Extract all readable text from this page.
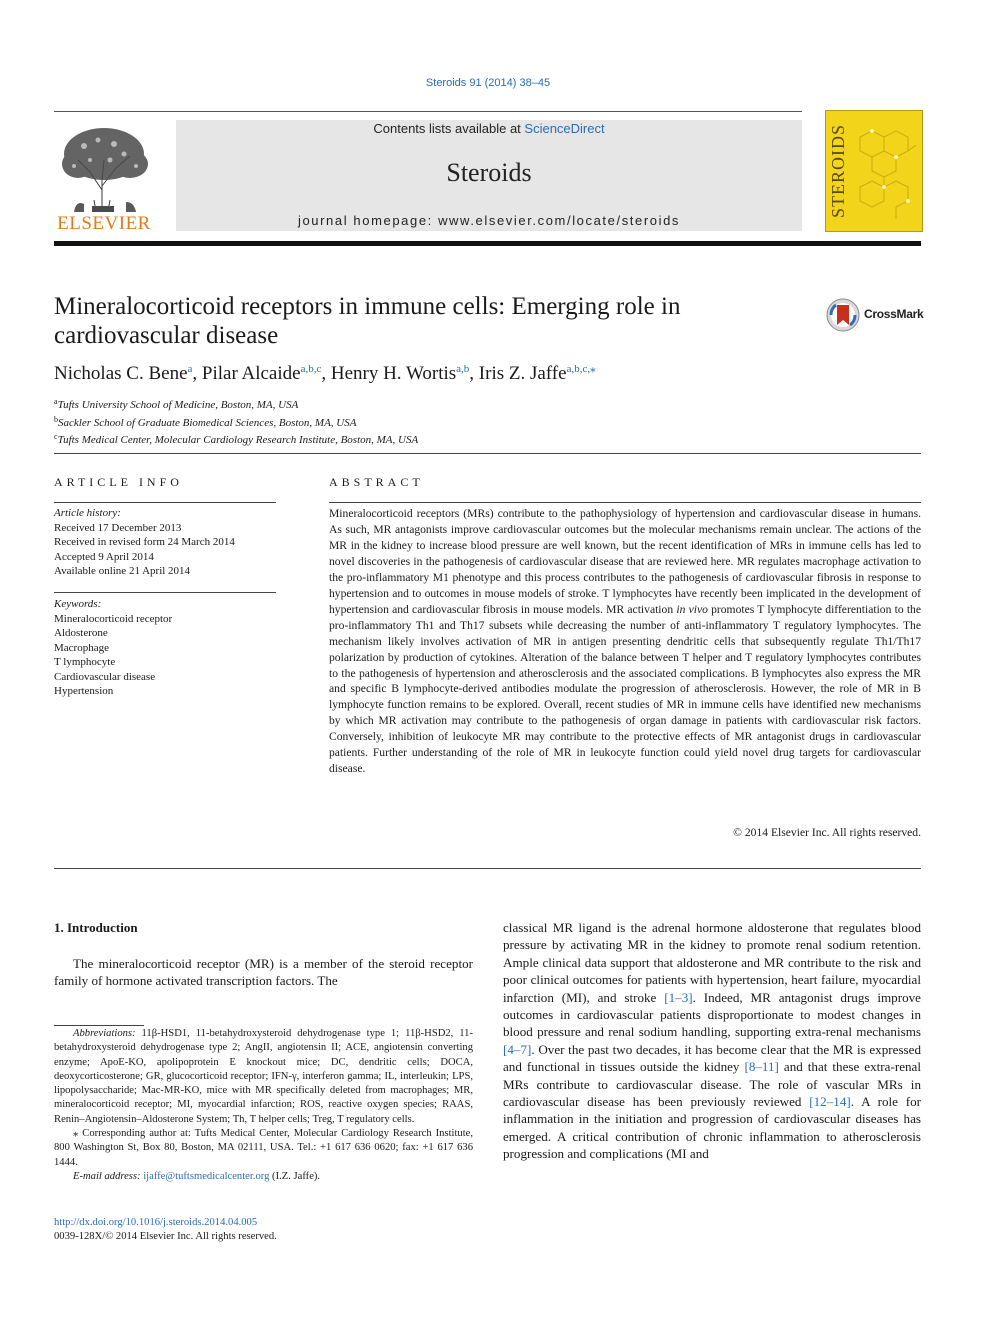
Steroids 91 (2014) 38–45
ELSEVIER
Contents lists available at ScienceDirect
Steroids
journal homepage: www.elsevier.com/locate/steroids
STEROIDS
Mineralocorticoid receptors in immune cells: Emerging role in cardiovascular disease
CrossMark
Nicholas C. Bene$^a$, Pilar Alcaide$^{a,b,c}$, Henry H. Wortis$^{a,b}$, Iris Z. Jaffe$^{a,b,c,⁎}$
$^a$Tufts University School of Medicine, Boston, MA, USA
$^b$Sackler School of Graduate Biomedical Sciences, Boston, MA, USA
$^c$Tufts Medical Center, Molecular Cardiology Research Institute, Boston, MA, USA
ARTICLE INFO
Article history:
Received 17 December 2013
Received in revised form 24 March 2014
Accepted 9 April 2014
Available online 21 April 2014
Keywords:
Mineralocorticoid receptor
Aldosterone
Macrophage
T lymphocyte
Cardiovascular disease
Hypertension
ABSTRACT
Mineralocorticoid receptors (MRs) contribute to the pathophysiology of hypertension and cardiovascular disease in humans. As such, MR antagonists improve cardiovascular outcomes but the molecular mechanisms remain unclear. The actions of the MR in the kidney to increase blood pressure are well known, but the recent identification of MRs in immune cells has led to novel discoveries in the pathogenesis of cardiovascular disease that are reviewed here. MR regulates macrophage activation to the pro-inflammatory M1 phenotype and this process contributes to the pathogenesis of cardiovascular fibrosis in response to hypertension and to outcomes in mouse models of stroke. T lymphocytes have recently been implicated in the development of hypertension and cardiovascular fibrosis in mouse models. MR activation in vivo promotes T lymphocyte differentiation to the pro-inflammatory Th1 and Th17 subsets while decreasing the number of anti-inflammatory T regulatory lymphocytes. The mechanism likely involves activation of MR in antigen presenting dendritic cells that subsequently regulate Th1/Th17 polarization by production of cytokines. Alteration of the balance between T helper and T regulatory lymphocytes contributes to the pathogenesis of hypertension and atherosclerosis and the associated complications. B lymphocytes also express the MR and specific B lymphocyte-derived antibodies modulate the progression of atherosclerosis. However, the role of MR in B lymphocyte function remains to be explored. Overall, recent studies of MR in immune cells have identified new mechanisms by which MR activation may contribute to the pathogenesis of organ damage in patients with cardiovascular risk factors. Conversely, inhibition of leukocyte MR may contribute to the protective effects of MR antagonist drugs in cardiovascular patients. Further understanding of the role of MR in leukocyte function could yield novel drug targets for cardiovascular disease.
© 2014 Elsevier Inc. All rights reserved.
1. Introduction
The mineralocorticoid receptor (MR) is a member of the steroid receptor family of hormone activated transcription factors. The

Abbreviations: 11β-HSD1, 11-betahydroxysteroid dehydrogenase type 1; 11β-HSD2, 11-betahydroxysteroid dehydrogenase type 2; AngII, angiotensin II; ACE, angiotensin converting enzyme; ApoE-KO, apolipoprotein E knockout mice; DC, dendritic cells; DOCA, deoxycorticosterone; GR, glucocorticoid receptor; IFN-γ, interferon gamma; IL, interleukin; LPS, lipopolysaccharide; Mac-MR-KO, mice with MR specifically deleted from macrophages; MR, mineralocorticoid receptor; MI, myocardial infarction; ROS, reactive oxygen species; RAAS, Renin–Angiotensin–Aldosterone System; Th, T helper cells; Treg, T regulatory cells.

⁎ Corresponding author at: Tufts Medical Center, Molecular Cardiology Research Institute, 800 Washington St, Box 80, Boston, MA 02111, USA. Tel.: +1 617 636 0620; fax: +1 617 636 1444.

E-mail address: ijaffe@tuftsmedicalcenter.org (I.Z. Jaffe).

http://dx.doi.org/10.1016/j.steroids.2014.04.005
0039-128X/© 2014 Elsevier Inc. All rights reserved.
classical MR ligand is the adrenal hormone aldosterone that regulates blood pressure by activating MR in the kidney to promote renal sodium retention. Ample clinical data support that aldosterone and MR contribute to the risk and poor clinical outcomes for patients with hypertension, heart failure, myocardial infarction (MI), and stroke [1–3]. Indeed, MR antagonist drugs improve outcomes in cardiovascular patients disproportionate to modest changes in blood pressure and renal sodium handling, supporting extra-renal mechanisms [4–7]. Over the past two decades, it has become clear that the MR is expressed and functional in tissues outside the kidney [8–11] and that these extra-renal MRs contribute to cardiovascular disease. The role of vascular MRs in cardiovascular disease has been previously reviewed [12–14]. A role for inflammation in the initiation and progression of cardiovascular diseases has emerged. A critical contribution of chronic inflammation to atherosclerosis progression and complications (MI and
